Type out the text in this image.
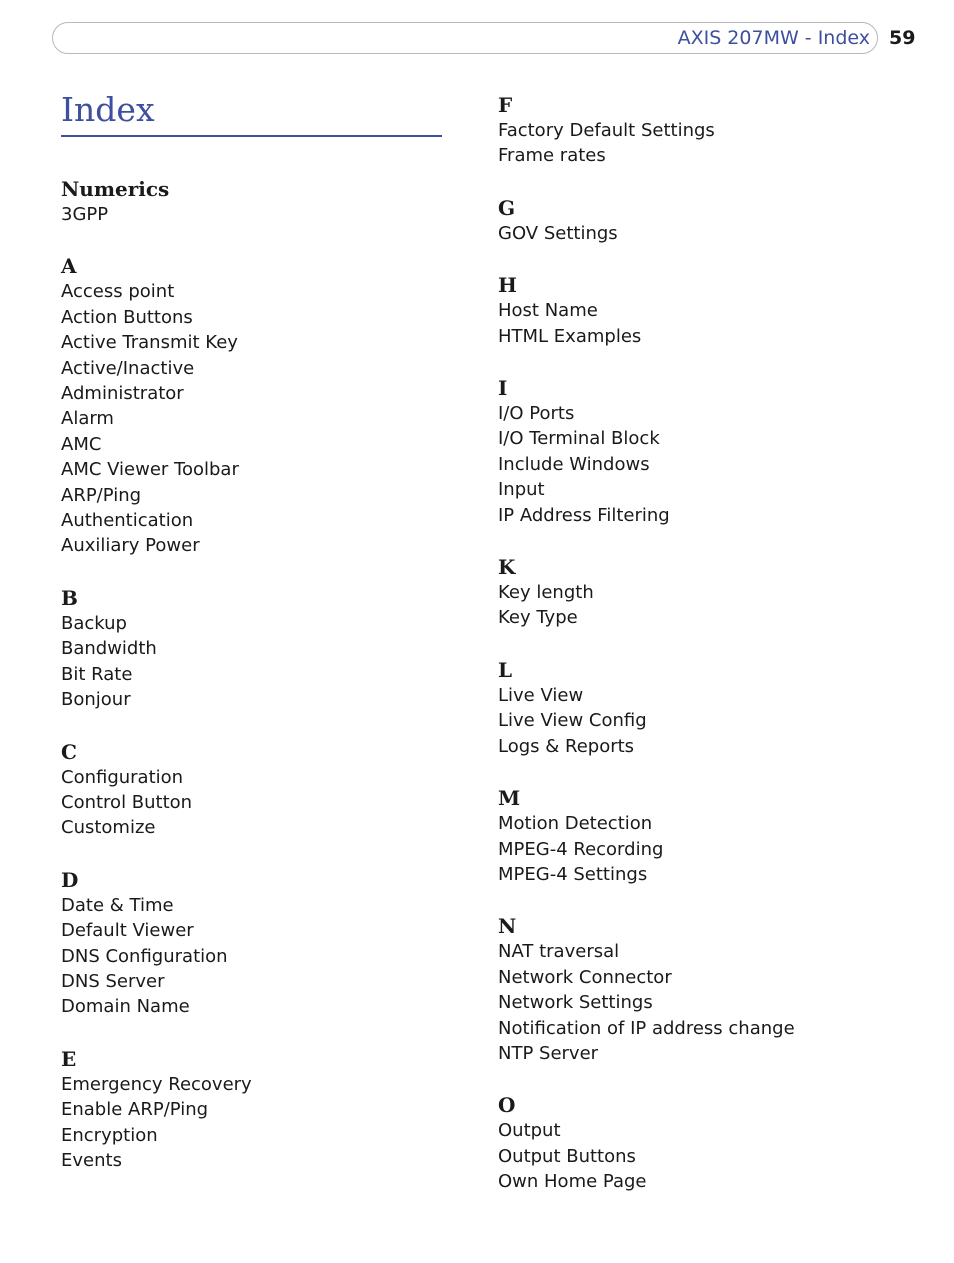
AXIS 207MW - Index 59
Index
Numerics
3GPP
A
Access point
Action Buttons
Active Transmit Key
Active/Inactive
Administrator
Alarm
AMC
AMC Viewer Toolbar
ARP/Ping
Authentication
Auxiliary Power
B
Backup
Bandwidth
Bit Rate
Bonjour
C
Configuration
Control Button
Customize
D
Date & Time
Default Viewer
DNS Configuration
DNS Server
Domain Name
E
Emergency Recovery
Enable ARP/Ping
Encryption
Events
F
Factory Default Settings
Frame rates
G
GOV Settings
H
Host Name
HTML Examples
I
I/O Ports
I/O Terminal Block
Include Windows
Input
IP Address Filtering
K
Key length
Key Type
L
Live View
Live View Config
Logs & Reports
M
Motion Detection
MPEG-4 Recording
MPEG-4 Settings
N
NAT traversal
Network Connector
Network Settings
Notification of IP address change
NTP Server
O
Output
Output Buttons
Own Home Page
